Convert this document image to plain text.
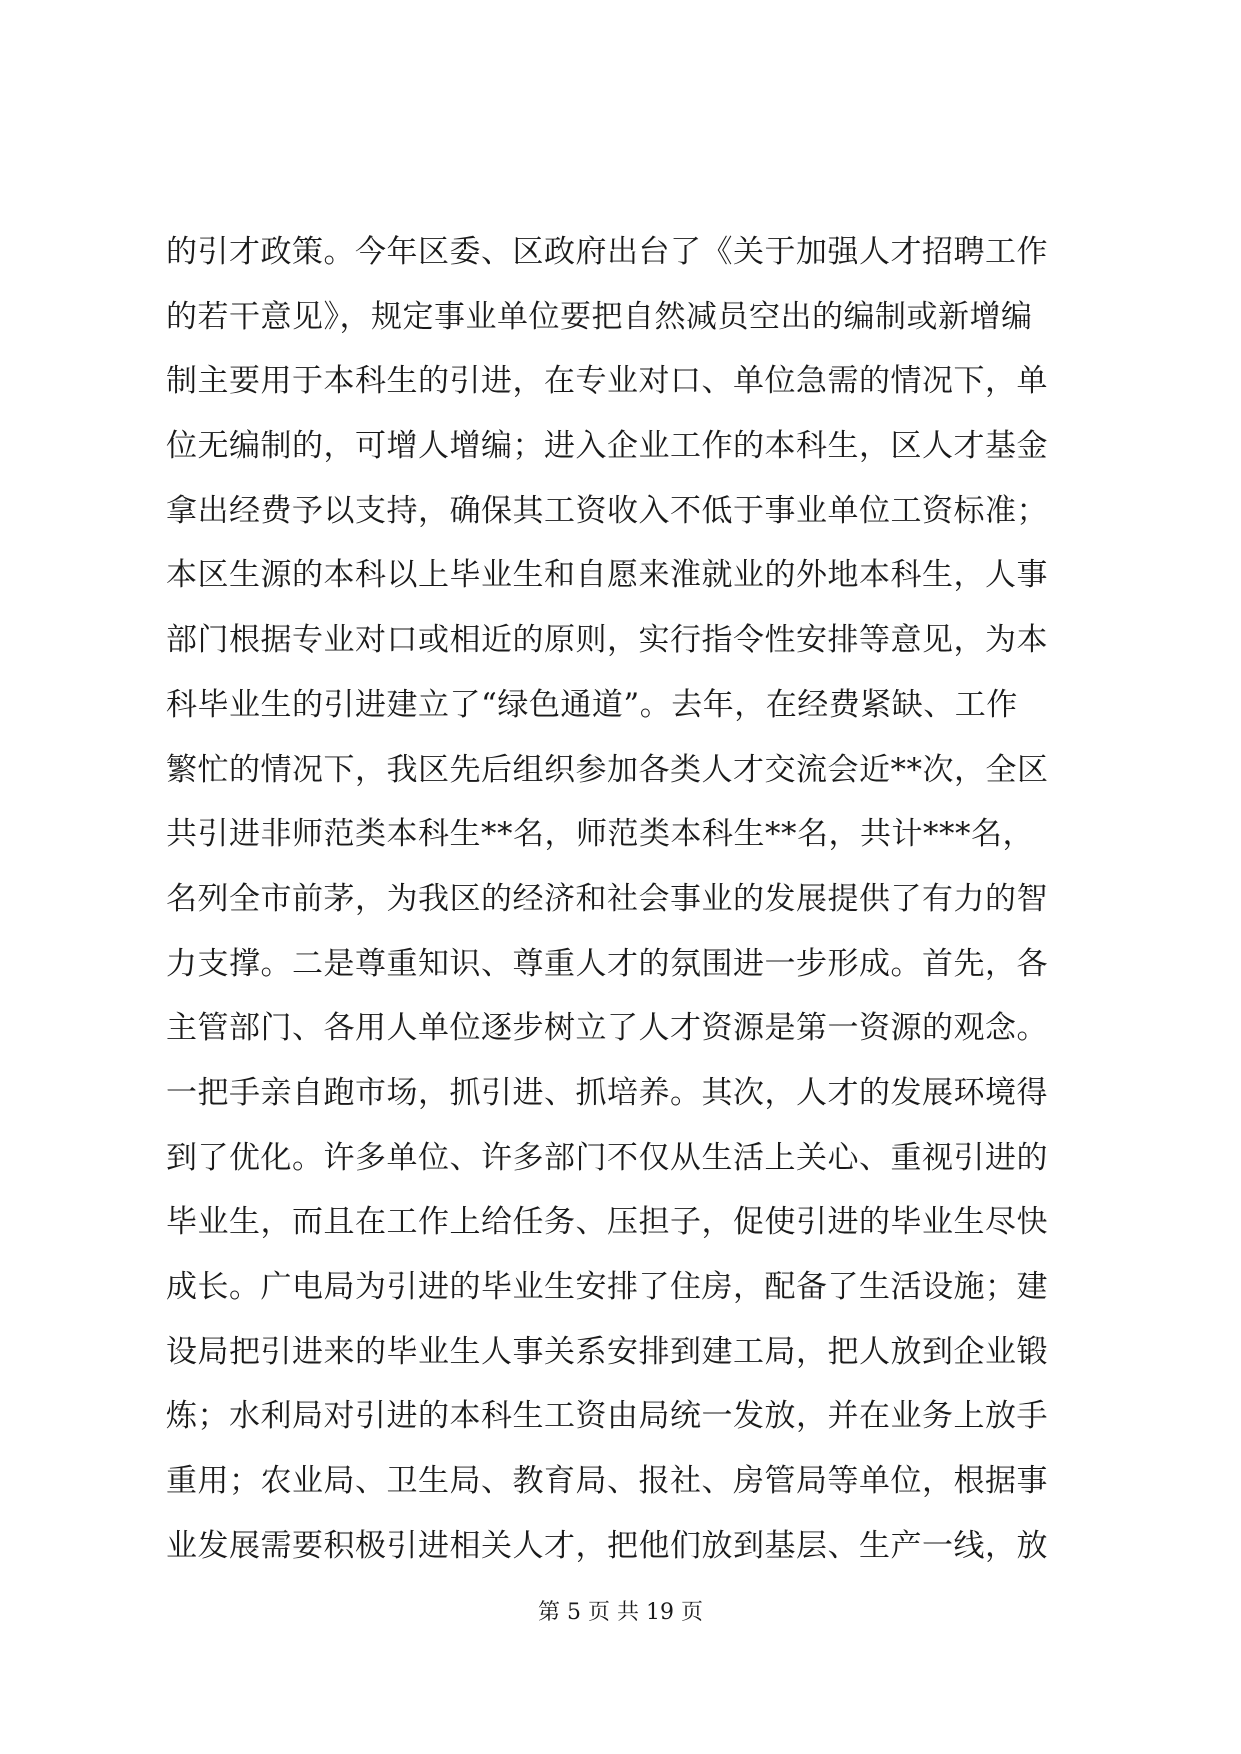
的引才政策。今年区委、区政府出台了《关于加强人才招聘工作
的若干意见》，规定事业单位要把自然减员空出的编制或新增编
制主要用于本科生的引进，在专业对口、单位急需的情况下，单
位无编制的，可增人增编；进入企业工作的本科生，区人才基金
拿出经费予以支持，确保其工资收入不低于事业单位工资标准；
本区生源的本科以上毕业生和自愿来淮就业的外地本科生，人事
部门根据专业对口或相近的原则，实行指令性安排等意见，为本
科毕业生的引进建立了“绿色通道”。去年，在经费紧缺、工作
繁忙的情况下，我区先后组织参加各类人才交流会近**次，全区
共引进非师范类本科生**名，师范类本科生**名，共计***名，
名列全市前茅，为我区的经济和社会事业的发展提供了有力的智
力支撑。二是尊重知识、尊重人才的氛围进一步形成。首先，各
主管部门、各用人单位逐步树立了人才资源是第一资源的观念。
一把手亲自跑市场，抓引进、抓培养。其次，人才的发展环境得
到了优化。许多单位、许多部门不仅从生活上关心、重视引进的
毕业生，而且在工作上给任务、压担子，促使引进的毕业生尽快
成长。广电局为引进的毕业生安排了住房，配备了生活设施；建
设局把引进来的毕业生人事关系安排到建工局，把人放到企业锻
炼；水利局对引进的本科生工资由局统一发放，并在业务上放手
重用；农业局、卫生局、教育局、报社、房管局等单位，根据事
业发展需要积极引进相关人才，把他们放到基层、生产一线，放
第 5 页 共 19 页
